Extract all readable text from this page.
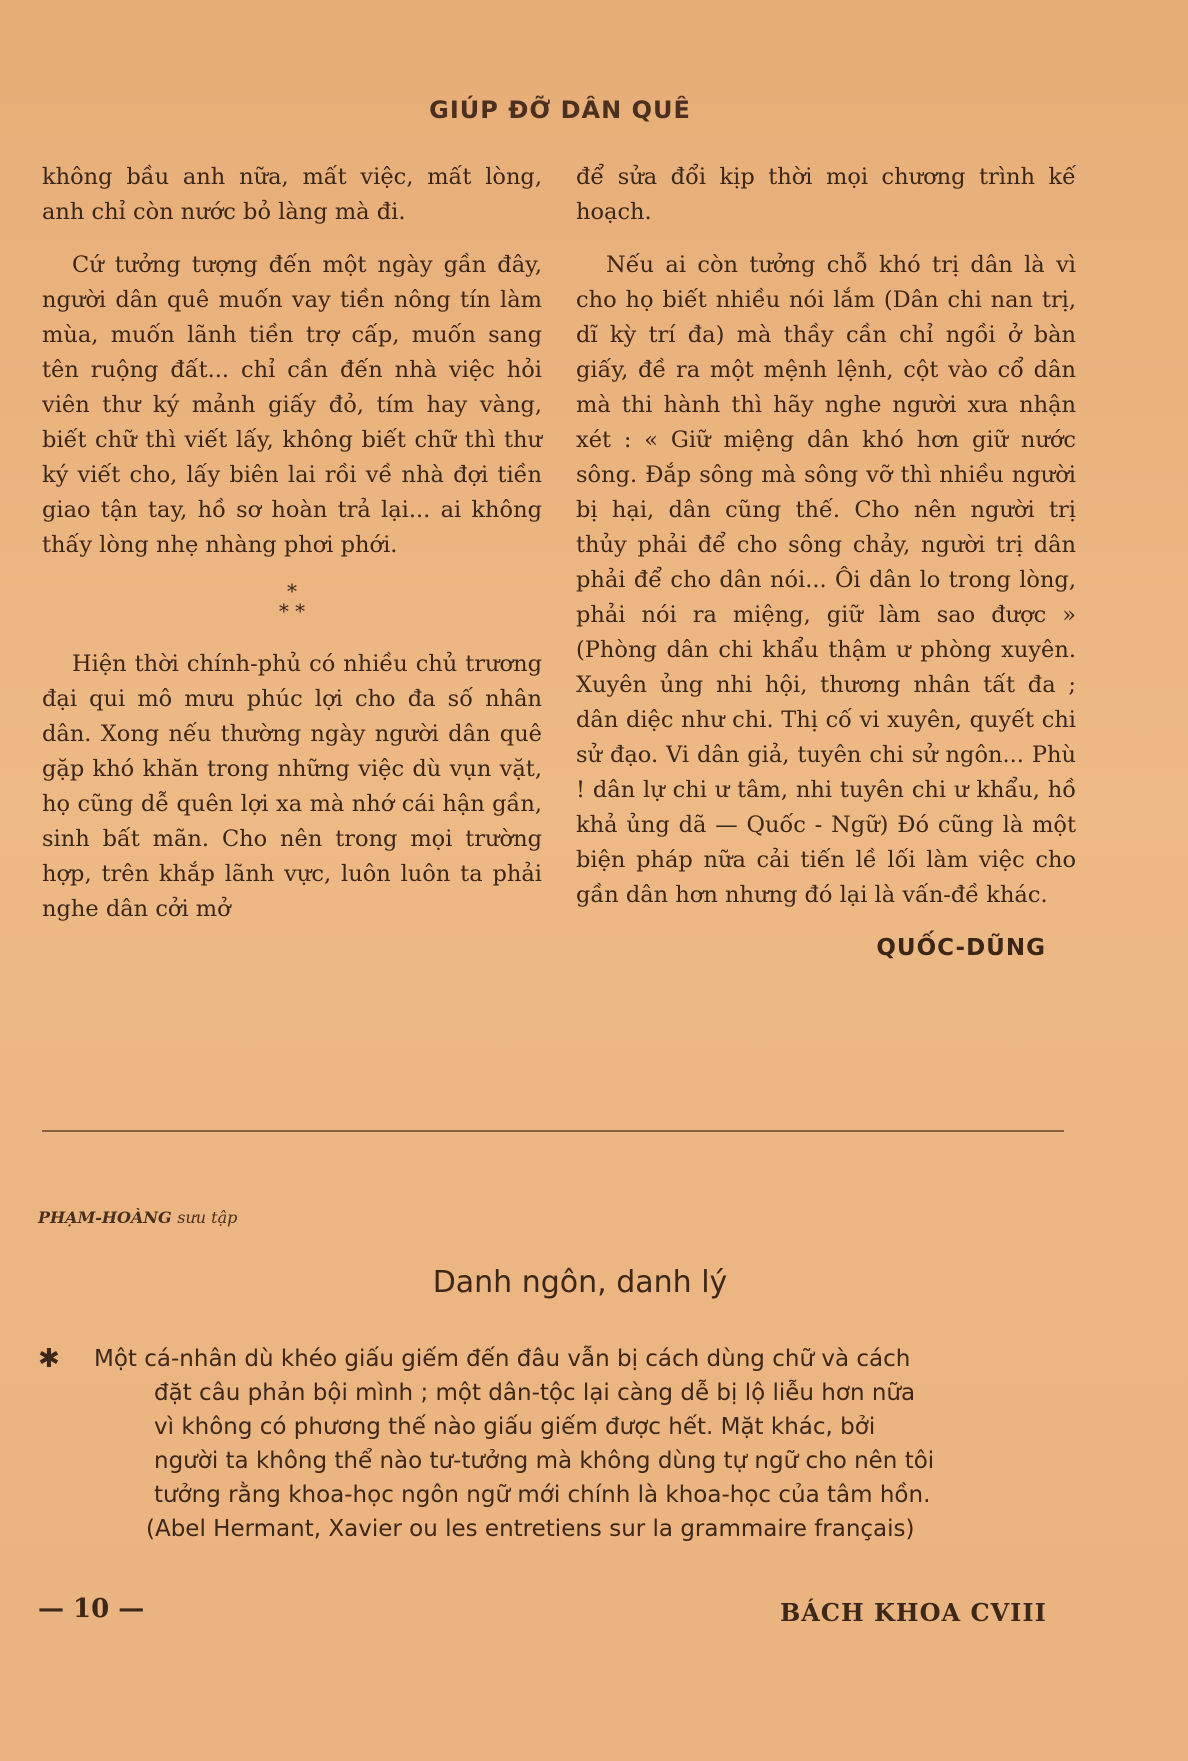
GIÚP ĐỠ DÂN QUÊ

không bầu anh nữa, mất việc, mất lòng, anh chỉ còn nước bỏ làng mà đi.

Cứ tưởng tượng đến một ngày gần đây, người dân quê muốn vay tiền nông tín làm mùa, muốn lãnh tiền trợ cấp, muốn sang tên ruộng đất... chỉ cần đến nhà việc hỏi viên thư ký mảnh giấy đỏ, tím hay vàng, biết chữ thì viết lấy, không biết chữ thì thư ký viết cho, lấy biên lai rồi về nhà đợi tiền giao tận tay, hồ sơ hoàn trả lại... ai không thấy lòng nhẹ nhàng phơi phới.

*
* *

Hiện thời chính-phủ có nhiều chủ trương đại qui mô mưu phúc lợi cho đa số nhân dân. Xong nếu thường ngày người dân quê gặp khó khăn trong những việc dù vụn vặt, họ cũng dễ quên lợi xa mà nhớ cái hận gần, sinh bất mãn. Cho nên trong mọi trường hợp, trên khắp lãnh vực, luôn luôn ta phải nghe dân cởi mở

để sửa đổi kịp thời mọi chương trình kế hoạch.

Nếu ai còn tưởng chỗ khó trị dân là vì cho họ biết nhiều nói lắm (Dân chi nan trị, dĩ kỳ trí đa) mà thầy cần chỉ ngồi ở bàn giấy, đề ra một mệnh lệnh, cột vào cổ dân mà thi hành thì hãy nghe người xưa nhận xét : « Giữ miệng dân khó hơn giữ nước sông. Đắp sông mà sông vỡ thì nhiều người bị hại, dân cũng thế. Cho nên người trị thủy phải để cho sông chảy, người trị dân phải để cho dân nói... Ôi dân lo trong lòng, phải nói ra miệng, giữ làm sao được » (Phòng dân chi khẩu thậm ư phòng xuyên. Xuyên ủng nhi hội, thương nhân tất đa ; dân diệc như chi. Thị cố vi xuyên, quyết chi sử đạo. Vi dân giả, tuyên chi sử ngôn... Phù ! dân lự chi ư tâm, nhi tuyên chi ư khẩu, hồ khả ủng dã — Quốc - Ngữ) Đó cũng là một biện pháp nữa cải tiến lề lối làm việc cho gần dân hơn nhưng đó lại là vấn-đề khác.

QUỐC-DŨNG
PHẠM-HOÀNG sưu tập
Danh ngôn, danh lý
✱ Một cá-nhân dù khéo giấu giếm đến đâu vẫn bị cách dùng chữ và cách
đặt câu phản bội mình ; một dân-tộc lại càng dễ bị lộ liễu hơn nữa
vì không có phương thế nào giấu giếm được hết. Mặt khác, bởi
người ta không thể nào tư-tưởng mà không dùng tự ngữ cho nên tôi
tưởng rằng khoa-học ngôn ngữ mới chính là khoa-học của tâm hồn.
(Abel Hermant, Xavier ou les entretiens sur la grammaire français)
— 10 —	BÁCH KHOA CVIII
